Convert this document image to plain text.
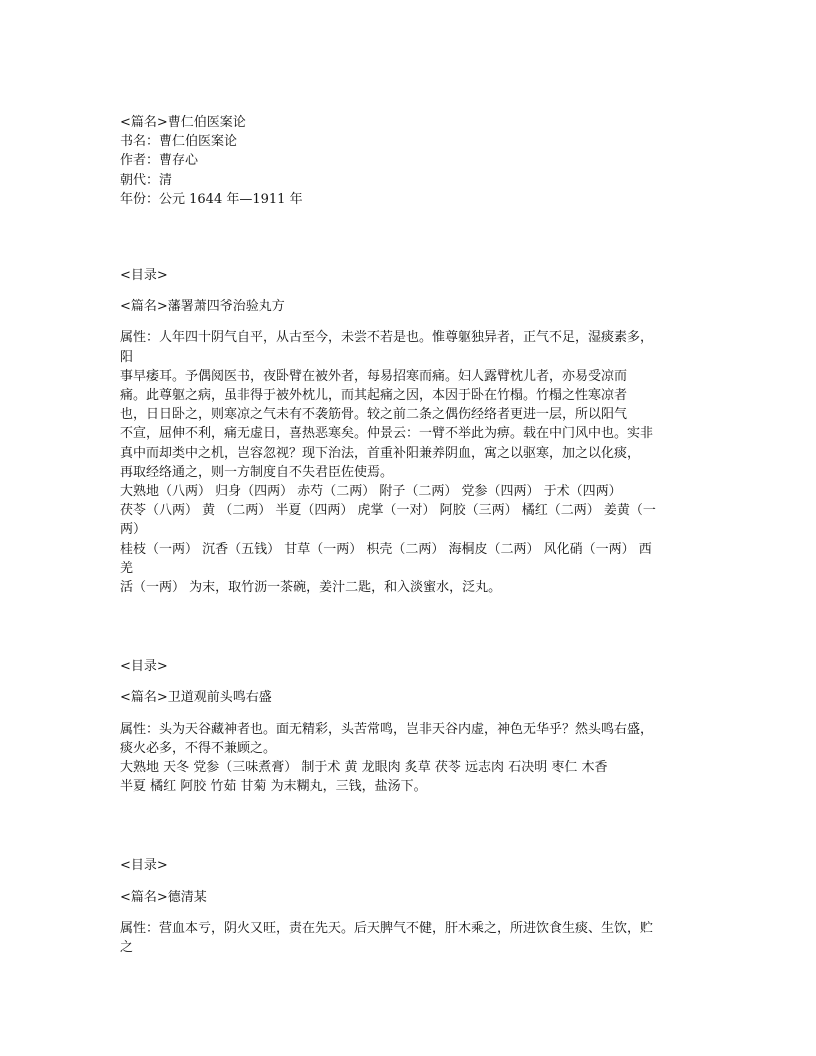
<篇名>曹仁伯医案论
书名：曹仁伯医案论
作者：曹存心
朝代：清
年份：公元 1644 年—1911 年
<目录>
<篇名>藩署萧四爷治验丸方
属性：人年四十阴气自平，从古至今，未尝不若是也。惟尊躯独异者，正气不足，湿痰素多，
阳
事早痿耳。予偶阅医书，夜卧臂在被外者，每易招寒而痛。妇人露臂枕儿者，亦易受凉而
痛。此尊躯之病，虽非得于被外枕儿，而其起痛之因，本因于卧在竹榻。竹榻之性寒凉者
也，日日卧之，则寒凉之气未有不袭筋骨。较之前二条之偶伤经络者更进一层，所以阳气
不宣，屈伸不利，痛无虚日，喜热恶寒矣。仲景云：一臂不举此为痹。载在中门风中也。实非
真中而却类中之机，岂容忽视？现下治法，首重补阳兼养阴血，寓之以驱寒，加之以化痰，
再取经络通之，则一方制度自不失君臣佐使焉。
大熟地（八两） 归身（四两） 赤芍（二两） 附子（二两） 党参（四两） 于术（四两）
茯苓（八两） 黄 （二两） 半夏（四两） 虎掌（一对） 阿胶（三两） 橘红（二两） 姜黄（一
两）
桂枝（一两） 沉香（五钱） 甘草（一两） 枳壳（二两） 海桐皮（二两） 风化硝（一两） 西
羌
活（一两） 为末，取竹沥一茶碗，姜汁二匙，和入淡蜜水，泛丸。
<目录>
<篇名>卫道观前头鸣右盛
属性：头为天谷藏神者也。面无精彩，头苦常鸣，岂非天谷内虚，神色无华乎？然头鸣右盛，
痰火必多，不得不兼顾之。
大熟地 天冬 党参（三味煮膏） 制于术 黄 龙眼肉 炙草 茯苓 远志肉 石决明 枣仁 木香
半夏 橘红 阿胶 竹茹 甘菊 为末糊丸，三钱，盐汤下。
<目录>
<篇名>德清某
属性：营血本亏，阴火又旺，责在先天。后天脾气不健，肝木乘之，所进饮食生痰、生饮，贮
之
